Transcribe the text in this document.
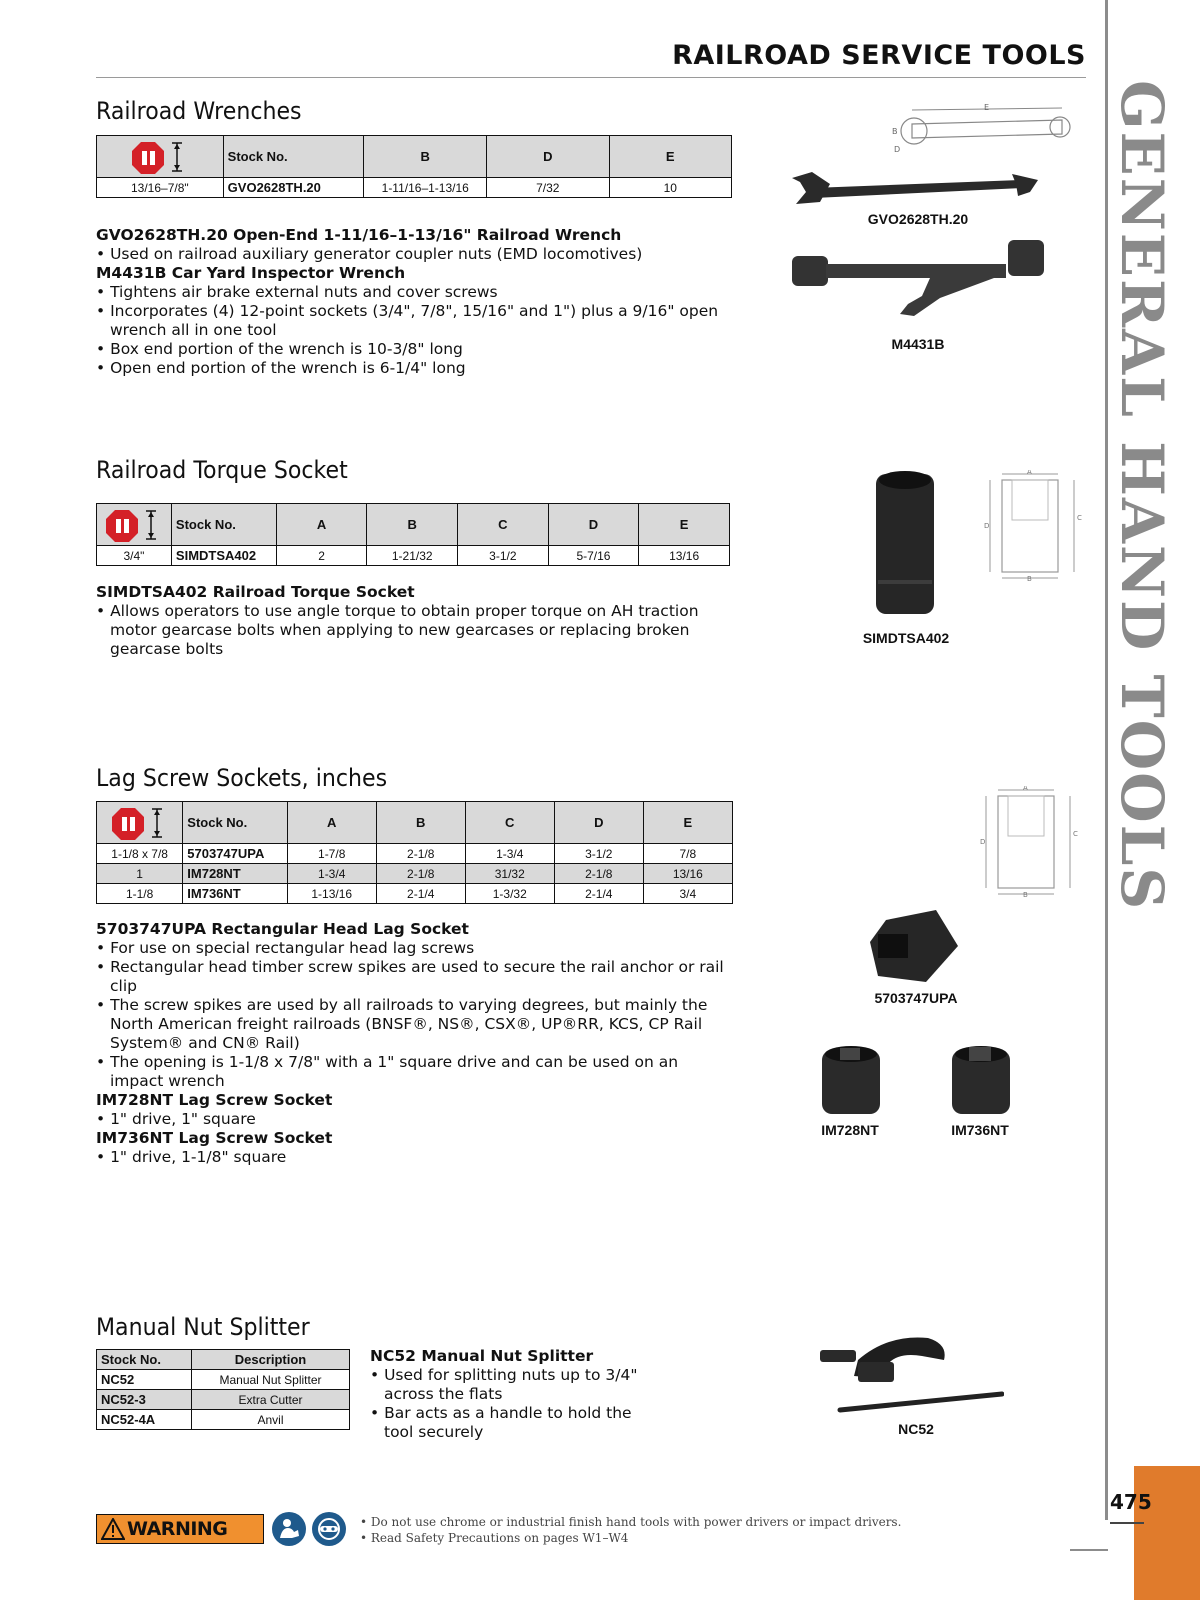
RAILROAD SERVICE TOOLS
GENERAL HAND TOOLS
475
Railroad Wrenches
	Stock No.	B	D	E
13/16–7/8"	GVO2628TH.20	1-11/16–1-13/16	7/32	10
GVO2628TH.20 Open-End 1-11/16–1-13/16" Railroad Wrench
• Used on railroad auxiliary generator coupler nuts (EMD locomotives)
M4431B Car Yard Inspector Wrench
• Tightens air brake external nuts and cover screws
• Incorporates (4) 12-point sockets (3/4", 7/8", 15/16" and 1") plus a 9/16" open wrench all in one tool
• Box end portion of the wrench is 10-3/8" long
• Open end portion of the wrench is 6-1/4" long
E
B
D
GVO2628TH.20
M4431B
Railroad Torque Socket
	Stock No.	A	B	C	D	E
3/4"	SIMDTSA402	2	1-21/32	3-1/2	5-7/16	13/16
SIMDTSA402 Railroad Torque Socket
• Allows operators to use angle torque to obtain proper torque on AH traction motor gearcase bolts when applying to new gearcases or replacing broken gearcase bolts
SIMDTSA402
A
B
D
C
Lag Screw Sockets, inches
	Stock No.	A	B	C	D	E
1-1/8 x 7/8	5703747UPA	1-7/8	2-1/8	1-3/4	3-1/2	7/8
1	IM728NT	1-3/4	2-1/8	31/32	2-1/8	13/16
1-1/8	IM736NT	1-13/16	2-1/4	1-3/32	2-1/4	3/4
5703747UPA Rectangular Head Lag Socket
• For use on special rectangular head lag screws
• Rectangular head timber screw spikes are used to secure the rail anchor or rail clip
• The screw spikes are used by all railroads to varying degrees, but mainly the North American freight railroads (BNSF®, NS®, CSX®, UP®RR, KCS, CP Rail System® and CN® Rail)
• The opening is 1-1/8 x 7/8" with a 1" square drive and can be used on an impact wrench
IM728NT Lag Screw Socket
• 1" drive, 1" square
IM736NT Lag Screw Socket
• 1" drive, 1-1/8" square
A
B
D
C
5703747UPA
IM728NT	IM736NT
Manual Nut Splitter
Stock No.	Description
NC52	Manual Nut Splitter
NC52-3	Extra Cutter
NC52-4A	Anvil
NC52 Manual Nut Splitter
• Used for splitting nuts up to 3/4" across the flats
• Bar acts as a handle to hold the tool securely	NC52
WARNING	• Do not use chrome or industrial finish hand tools with power drivers or impact drivers.
• Read Safety Precautions on pages W1–W4
